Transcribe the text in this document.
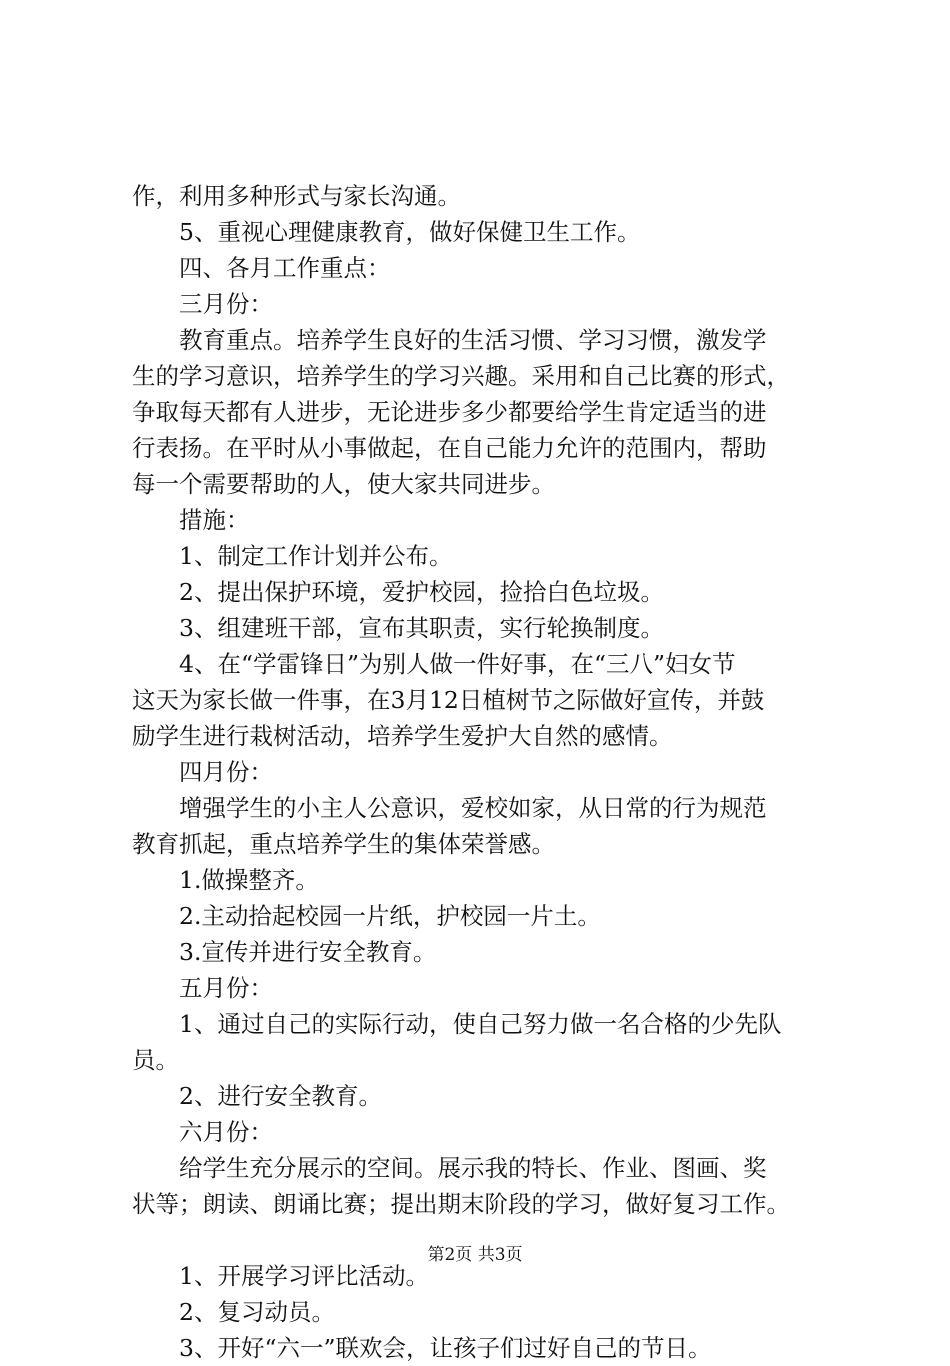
作，利用多种形式与家长沟通。

5、重视心理健康教育，做好保健卫生工作。

四、各月工作重点：

三月份：

教育重点。培养学生良好的生活习惯、学习习惯，激发学

生的学习意识，培养学生的学习兴趣。采用和自己比赛的形式，

争取每天都有人进步，无论进步多少都要给学生肯定适当的进

行表扬。在平时从小事做起，在自己能力允许的范围内，帮助

每一个需要帮助的人，使大家共同进步。

措施：

1、制定工作计划并公布。

2、提出保护环境，爱护校园，捡拾白色垃圾。

3、组建班干部，宣布其职责，实行轮换制度。

4、在“学雷锋日”为别人做一件好事，在“三八”妇女节

这天为家长做一件事，在3月12日植树节之际做好宣传，并鼓

励学生进行栽树活动，培养学生爱护大自然的感情。

四月份：

增强学生的小主人公意识，爱校如家，从日常的行为规范

教育抓起，重点培养学生的集体荣誉感。

1.做操整齐。

2.主动拾起校园一片纸，护校园一片土。

3.宣传并进行安全教育。

五月份：

1、通过自己的实际行动，使自己努力做一名合格的少先队

员。

2、进行安全教育。

六月份：

给学生充分展示的空间。展示我的特长、作业、图画、奖

状等；朗读、朗诵比赛；提出期末阶段的学习，做好复习工作。

1、开展学习评比活动。

2、复习动员。

3、开好“六一”联欢会，让孩子们过好自己的节日。

第2页 共3页
